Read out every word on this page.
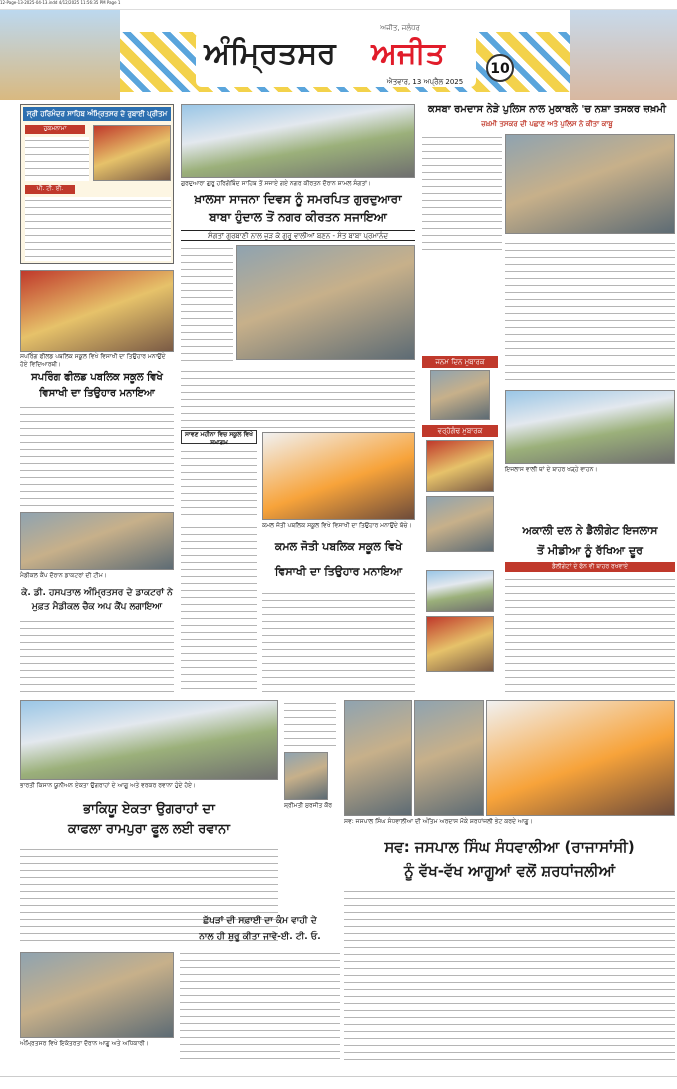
12-Page-13-2025-04-13.indd 4/12/2025 11:56:35 PM Page 1
ਅਜੀਤ, ਜਲੰਧਰ
ਅੰਮ੍ਰਿਤਸਰ	ਅਜੀਤ
ਐਤਵਾਰ, 13 ਅਪ੍ਰੈਲ 2025
10
ਸ੍ਰੀ ਹਰਿਮੰਦਰ ਸਾਹਿਬ ਅੰਮ੍ਰਿਤਸਰ ਦੇ ਰੁਬਾਈ ਪ੍ਰੀਤਮ
ਹੁਕਮਨਾਮਾ
ਪੀ. ਟੀ. ਈ.
ਗੁਰਦੁਆਰਾ ਗੁਰੂ ਹਰਿਗੋਬਿੰਦ ਸਾਹਿਬ ਤੋਂ ਸਜਾਏ ਗਏ ਨਗਰ ਕੀਰਤਨ ਦੌਰਾਨ ਸ਼ਾਮਲ ਸੰਗਤਾਂ।
ਖ਼ਾਲਸਾ ਸਾਜਨਾ ਦਿਵਸ ਨੂੰ ਸਮਰਪਿਤ ਗੁਰਦੁਆਰਾ
ਬਾਬਾ ਹੁੰਦਾਲ ਤੋਂ ਨਗਰ ਕੀਰਤਨ ਸਜਾਇਆ
ਸੰਗਤਾਂ ਗੁਰਬਾਣੀ ਨਾਲ ਜੁੜ ਕੇ ਗੁਰੂ ਵਾਲੀਆਂ ਬਣਨ - ਸੰਤ ਬਾਬਾ ਪ੍ਰਮਾਨੰਦ
ਕਸਬਾ ਰਮਦਾਸ ਨੇੜੇ ਪੁਲਿਸ ਨਾਲ ਮੁਕਾਬਲੇ 'ਚ ਨਸ਼ਾ ਤਸਕਰ ਜ਼ਖ਼ਮੀ
ਜ਼ਖ਼ਮੀ ਤਸਕਰ ਦੀ ਪਛਾਣ ਅਤੇ ਪੁਲਿਸ ਨੇ ਕੀਤਾ ਕਾਬੂ
ਸਪਰਿੰਗ ਫੀਲਡ ਪਬਲਿਕ ਸਕੂਲ ਵਿਖੇ ਵਿਸਾਖੀ ਦਾ ਤਿਉਹਾਰ ਮਨਾਉਂਦੇ ਹੋਏ ਵਿਦਿਆਰਥੀ।
ਸਪਰਿੰਗ ਫੀਲਡ ਪਬਲਿਕ ਸਕੂਲ ਵਿਖੇ
ਵਿਸਾਖੀ ਦਾ ਤਿਉਹਾਰ ਮਨਾਇਆ
ਮੈਡੀਕਲ ਕੈਂਪ ਦੌਰਾਨ ਡਾਕਟਰਾਂ ਦੀ ਟੀਮ।
ਕੇ. ਡੀ. ਹਸਪਤਾਲ ਅੰਮ੍ਰਿਤਸਰ ਦੇ ਡਾਕਟਰਾਂ ਨੇ
ਮੁਫ਼ਤ ਮੈਡੀਕਲ ਚੈਕ ਅਪ ਕੈਂਪ ਲਗਾਇਆ
ਸਾਵਣ ਮਹੀਨਾ ਵਿਚ ਸਕੂਲ ਵਿਖੇ ਸਮਾਗਮ
ਕਮਲ ਜੋਤੀ ਪਬਲਿਕ ਸਕੂਲ ਵਿਖੇ ਵਿਸਾਖੀ ਦਾ ਤਿਉਹਾਰ ਮਨਾਉਂਦੇ ਬੱਚੇ।
ਕਮਲ ਜੋਤੀ ਪਬਲਿਕ ਸਕੂਲ ਵਿਖੇ
ਵਿਸਾਖੀ ਦਾ ਤਿਉਹਾਰ ਮਨਾਇਆ
ਜਨਮ ਦਿਨ ਮੁਬਾਰਕ
ਵਰ੍ਹੇਗੰਢ ਮੁਬਾਰਕ
ਇਜਲਾਸ ਵਾਲੀ ਥਾਂ ਦੇ ਬਾਹਰ ਖੜ੍ਹੇ ਵਾਹਨ।
ਅਕਾਲੀ ਦਲ ਨੇ ਡੈਲੀਗੇਟ ਇਜਲਾਸ
ਤੋਂ ਮੀਡੀਆ ਨੂੰ ਰੱਖਿਆ ਦੂਰ
ਡੈਲੀਗੇਟਾਂ ਦੇ ਫੋਨ ਵੀ ਬਾਹਰ ਰਖਵਾਏ
ਭਾਰਤੀ ਕਿਸਾਨ ਯੂਨੀਅਨ ਏਕਤਾ ਉਗਰਾਹਾਂ ਦੇ ਆਗੂ ਅਤੇ ਵਰਕਰ ਰਵਾਨਾ ਹੁੰਦੇ ਹੋਏ।
ਭਾਕਿਯੂ ਏਕਤਾ ਉਗਰਾਹਾਂ ਦਾ
ਕਾਫਲਾ ਰਾਮਪੁਰਾ ਫੂਲ ਲਈ ਰਵਾਨਾ
ਸ਼੍ਰੀਮਤੀ ਸੁਰਜੀਤ ਕੌਰ
ਸਵ: ਜਸਪਾਲ ਸਿੰਘ ਸੰਧਵਾਲੀਆ ਦੀ ਅੰਤਿਮ ਅਰਦਾਸ ਮੌਕੇ ਸ਼ਰਧਾਂਜਲੀ ਭੇਟ ਕਰਦੇ ਆਗੂ।
ਸਵ: ਜਸਪਾਲ ਸਿੰਘ ਸੰਧਵਾਲੀਆ (ਰਾਜਾਸਾਂਸੀ)
ਨੂੰ ਵੱਖ-ਵੱਖ ਆਗੂਆਂ ਵਲੋਂ ਸ਼ਰਧਾਂਜਲੀਆਂ
ਛੱਪੜਾਂ ਦੀ ਸਫ਼ਾਈ ਦਾ ਕੰਮ ਵਾਹੀ ਦੇ
ਨਾਲ ਹੀ ਸ਼ੁਰੂ ਕੀਤਾ ਜਾਵੇ-ਈ. ਟੀ. ਓ.
ਅੰਮ੍ਰਿਤਸਰ ਵਿਖੇ ਇਕੱਤਰਤਾ ਦੌਰਾਨ ਆਗੂ ਅਤੇ ਅਧਿਕਾਰੀ।
